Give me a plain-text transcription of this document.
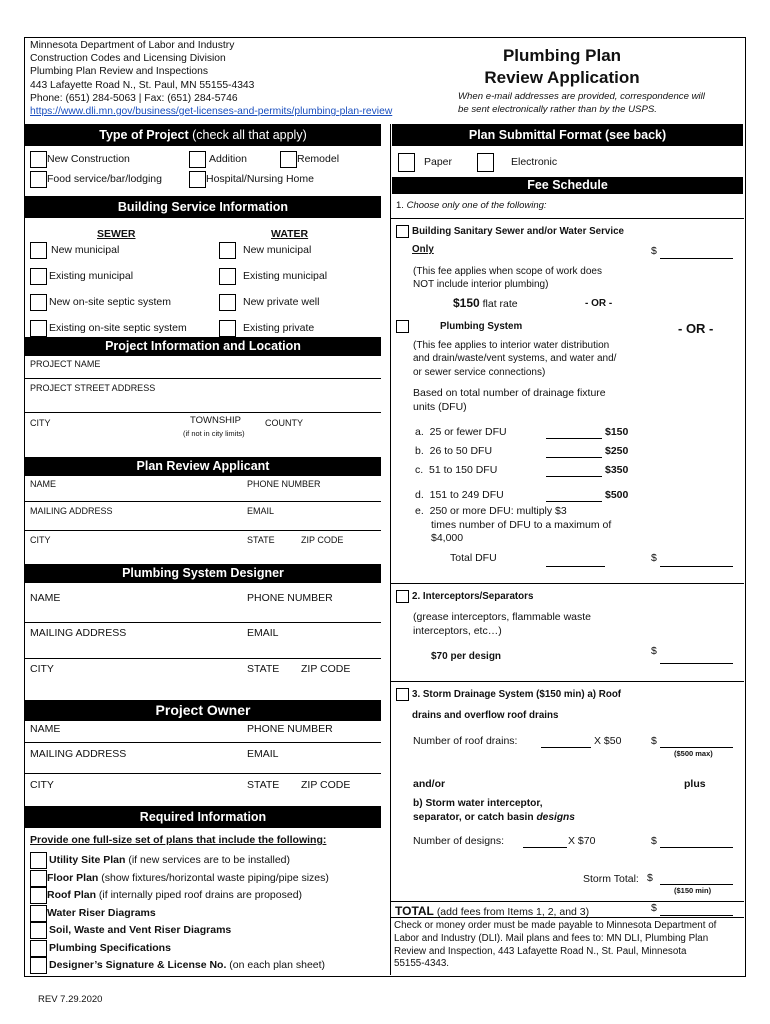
Minnesota Department of Labor and Industry
Construction Codes and Licensing Division
Plumbing Plan Review and Inspections
443 Lafayette Road N., St. Paul, MN 55155-4343
Phone: (651) 284-5063 | Fax: (651) 284-5746
https://www.dli.mn.gov/business/get-licenses-and-permits/plumbing-plan-review
Plumbing Plan
Review Application
When e-mail addresses are provided, correspondence will
be sent electronically rather than by the USPS.
Type of Project (check all that apply)
New Construction	Addition	Remodel
Food service/bar/lodging	Hospital/Nursing Home
Building Service Information
SEWER	WATER
New municipal	New municipal
Existing municipal	Existing municipal
New on-site septic system	New private well
Existing on-site septic system	Existing private
Project Information and Location
PROJECT NAME
PROJECT STREET ADDRESS
CITY	TOWNSHIP
(if not in city limits)
COUNTY
Plan Review Applicant
NAME	PHONE NUMBER
MAILING ADDRESS	EMAIL
CITY	STATE	ZIP CODE
Plumbing System Designer
NAME	PHONE NUMBER
MAILING ADDRESS	EMAIL
CITY	STATE ZIP CODE
Project Owner
NAME	PHONE NUMBER
MAILING ADDRESS	EMAIL
CITY	STATE ZIP CODE
Required Information
Provide one full-size set of plans that include the following:
Utility Site Plan (if new services are to be installed)
Floor Plan (show fixtures/horizontal waste piping/pipe sizes)
Roof Plan (if internally piped roof drains are proposed)
Water Riser Diagrams
Soil, Waste and Vent Riser Diagrams
Plumbing Specifications
Designer’s Signature & License No. (on each plan sheet)
Plan Submittal Format (see back)
Paper	Electronic
Fee Schedule
1. Choose only one of the following:
Building Sanitary Sewer and/or Water Service
Only	$
(This fee applies when scope of work does
NOT include interior plumbing)
$150 flat rate	- OR -
Plumbing System	- OR -
(This fee applies to interior water distribution
and drain/waste/vent systems, and water and/
or sewer service connections)
Based on total number of drainage fixture
units (DFU)
a. 25 or fewer DFU	$150
b. 26 to 50 DFU	$250
c. 51 to 150 DFU	$350
d. 151 to 249 DFU	$500
e. 250 or more DFU: multiply $3
times number of DFU to a maximum of
$4,000
Total DFU	$
2. Interceptors/Separators
(grease interceptors, flammable waste
interceptors, etc…)
$70 per design	$
3. Storm Drainage System ($150 min) a) Roof
drains and overflow roof drains
Number of roof drains:	X $50	$
($500 max)
and/or	plus
b) Storm water interceptor,
separator, or catch basin designs
Number of designs:	X $70	$
Storm Total: $
($150 min)
TOTAL (add fees from Items 1, 2, and 3)	$
Check or money order must be made payable to Minnesota Department of
Labor and Industry (DLI). Mail plans and fees to: MN DLI, Plumbing Plan
Review and Inspection, 443 Lafayette Road N., St. Paul, Minnesota
55155-4343.
REV 7.29.2020
